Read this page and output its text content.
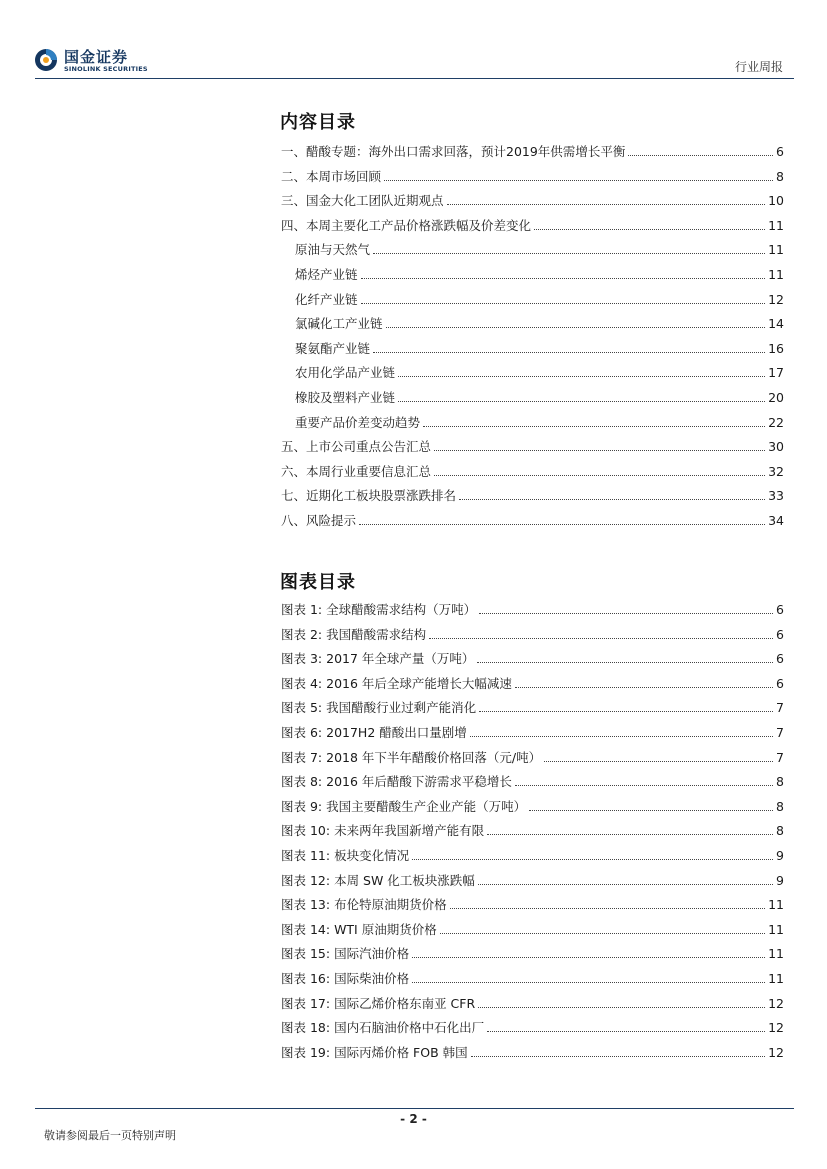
国金证券
SINOLINK SECURITIES	行业周报
内容目录
一、醋酸专题：海外出口需求回落，预计2019年供需增长平衡	6
二、本周市场回顾	8
三、国金大化工团队近期观点	10
四、本周主要化工产品价格涨跌幅及价差变化	11
原油与天然气	11
烯烃产业链	11
化纤产业链	12
氯碱化工产业链	14
聚氨酯产业链	16
农用化学品产业链	17
橡胶及塑料产业链	20
重要产品价差变动趋势	22
五、上市公司重点公告汇总	30
六、本周行业重要信息汇总	32
七、近期化工板块股票涨跌排名	33
八、风险提示	34
图表目录
图表 1: 全球醋酸需求结构（万吨）	6
图表 2: 我国醋酸需求结构	6
图表 3: 2017 年全球产量（万吨）	6
图表 4: 2016 年后全球产能增长大幅减速	6
图表 5: 我国醋酸行业过剩产能消化	7
图表 6: 2017H2 醋酸出口量剧增	7
图表 7: 2018 年下半年醋酸价格回落（元/吨）	7
图表 8: 2016 年后醋酸下游需求平稳增长	8
图表 9: 我国主要醋酸生产企业产能（万吨）	8
图表 10: 未来两年我国新增产能有限	8
图表 11: 板块变化情况	9
图表 12: 本周 SW 化工板块涨跌幅	9
图表 13: 布伦特原油期货价格	11
图表 14: WTI 原油期货价格	11
图表 15: 国际汽油价格	11
图表 16: 国际柴油价格	11
图表 17: 国际乙烯价格东南亚 CFR	12
图表 18: 国内石脑油价格中石化出厂	12
图表 19: 国际丙烯价格 FOB 韩国	12
- 2 -
敬请参阅最后一页特别声明
